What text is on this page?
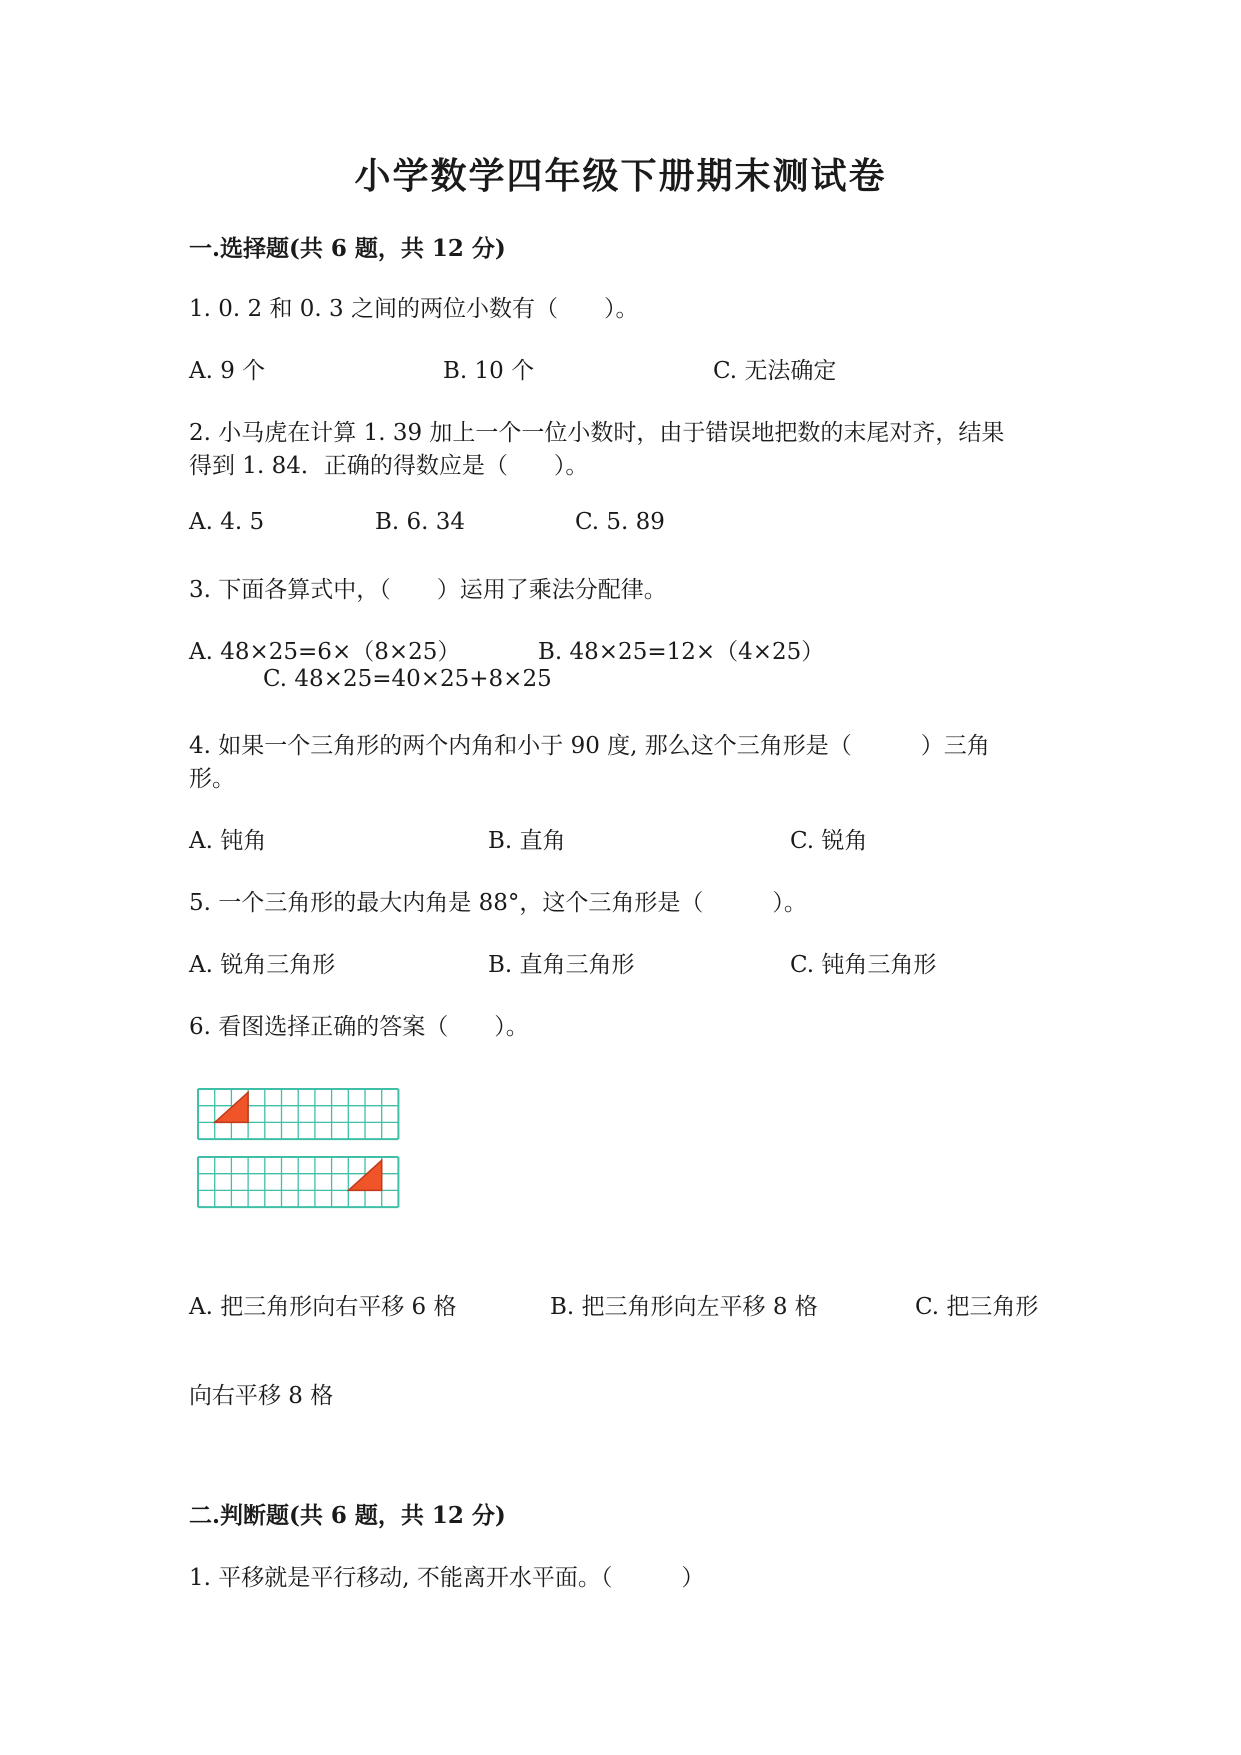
小学数学四年级下册期末测试卷
一.选择题(共 6 题，共 12 分)
1. 0. 2 和 0. 3 之间的两位小数有（　　）。
A. 9 个	B. 10 个	C. 无法确定
2. 小马虎在计算 1. 39 加上一个一位小数时，由于错误地把数的末尾对齐，结果
得到 1. 84．正确的得数应是（　　）。
A. 4. 5	B. 6. 34	C. 5. 89
3. 下面各算式中，（　　）运用了乘法分配律。
A. 48×25=6×（8×25）	B. 48×25=12×（4×25）
C. 48×25=40×25+8×25
4. 如果一个三角形的两个内角和小于 90 度, 那么这个三角形是（　　　）三角
形。
A. 钝角	B. 直角	C. 锐角
5. 一个三角形的最大内角是 88°，这个三角形是（　　　）。
A. 锐角三角形	B. 直角三角形	C. 钝角三角形
6. 看图选择正确的答案（　　）。
A. 把三角形向右平移 6 格	B. 把三角形向左平移 8 格	C. 把三角形
向右平移 8 格
二.判断题(共 6 题，共 12 分)
1. 平移就是平行移动, 不能离开水平面。（　　　）
